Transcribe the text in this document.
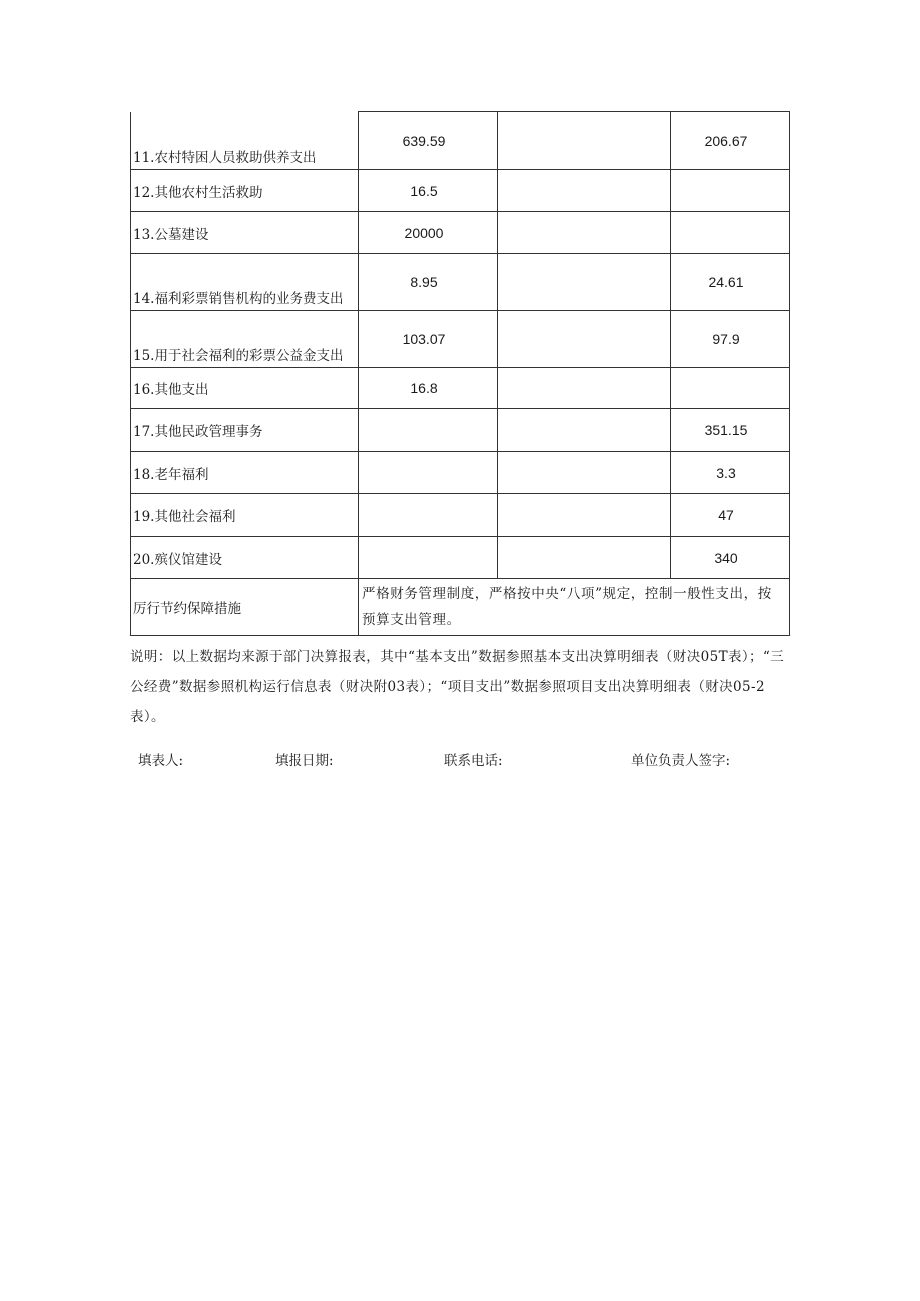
11.农村特困人员救助供养支出	639.59		206.67
12.其他农村生活救助	16.5		
13.公墓建设	20000		
14.福利彩票销售机构的业务费支出	8.95		24.61
15.用于社会福利的彩票公益金支出	103.07		97.9
16.其他支出	16.8		
17.其他民政管理事务			351.15
18.老年福利			3.3
19.其他社会福利			47
20.殡仪馆建设			340
厉行节约保障措施	严格财务管理制度，严格按中央“八项”规定，控制一般性支出，按预算支出管理。		
说明：以上数据均来源于部门决算报表，其中“基本支出”数据参照基本支出决算明细表（财决05T表）；“三公经费”数据参照机构运行信息表（财决附03表）；“项目支出”数据参照项目支出决算明细表（财决05-2表）。
填表人:	填报日期:	联系电话:	单位负责人签字:
